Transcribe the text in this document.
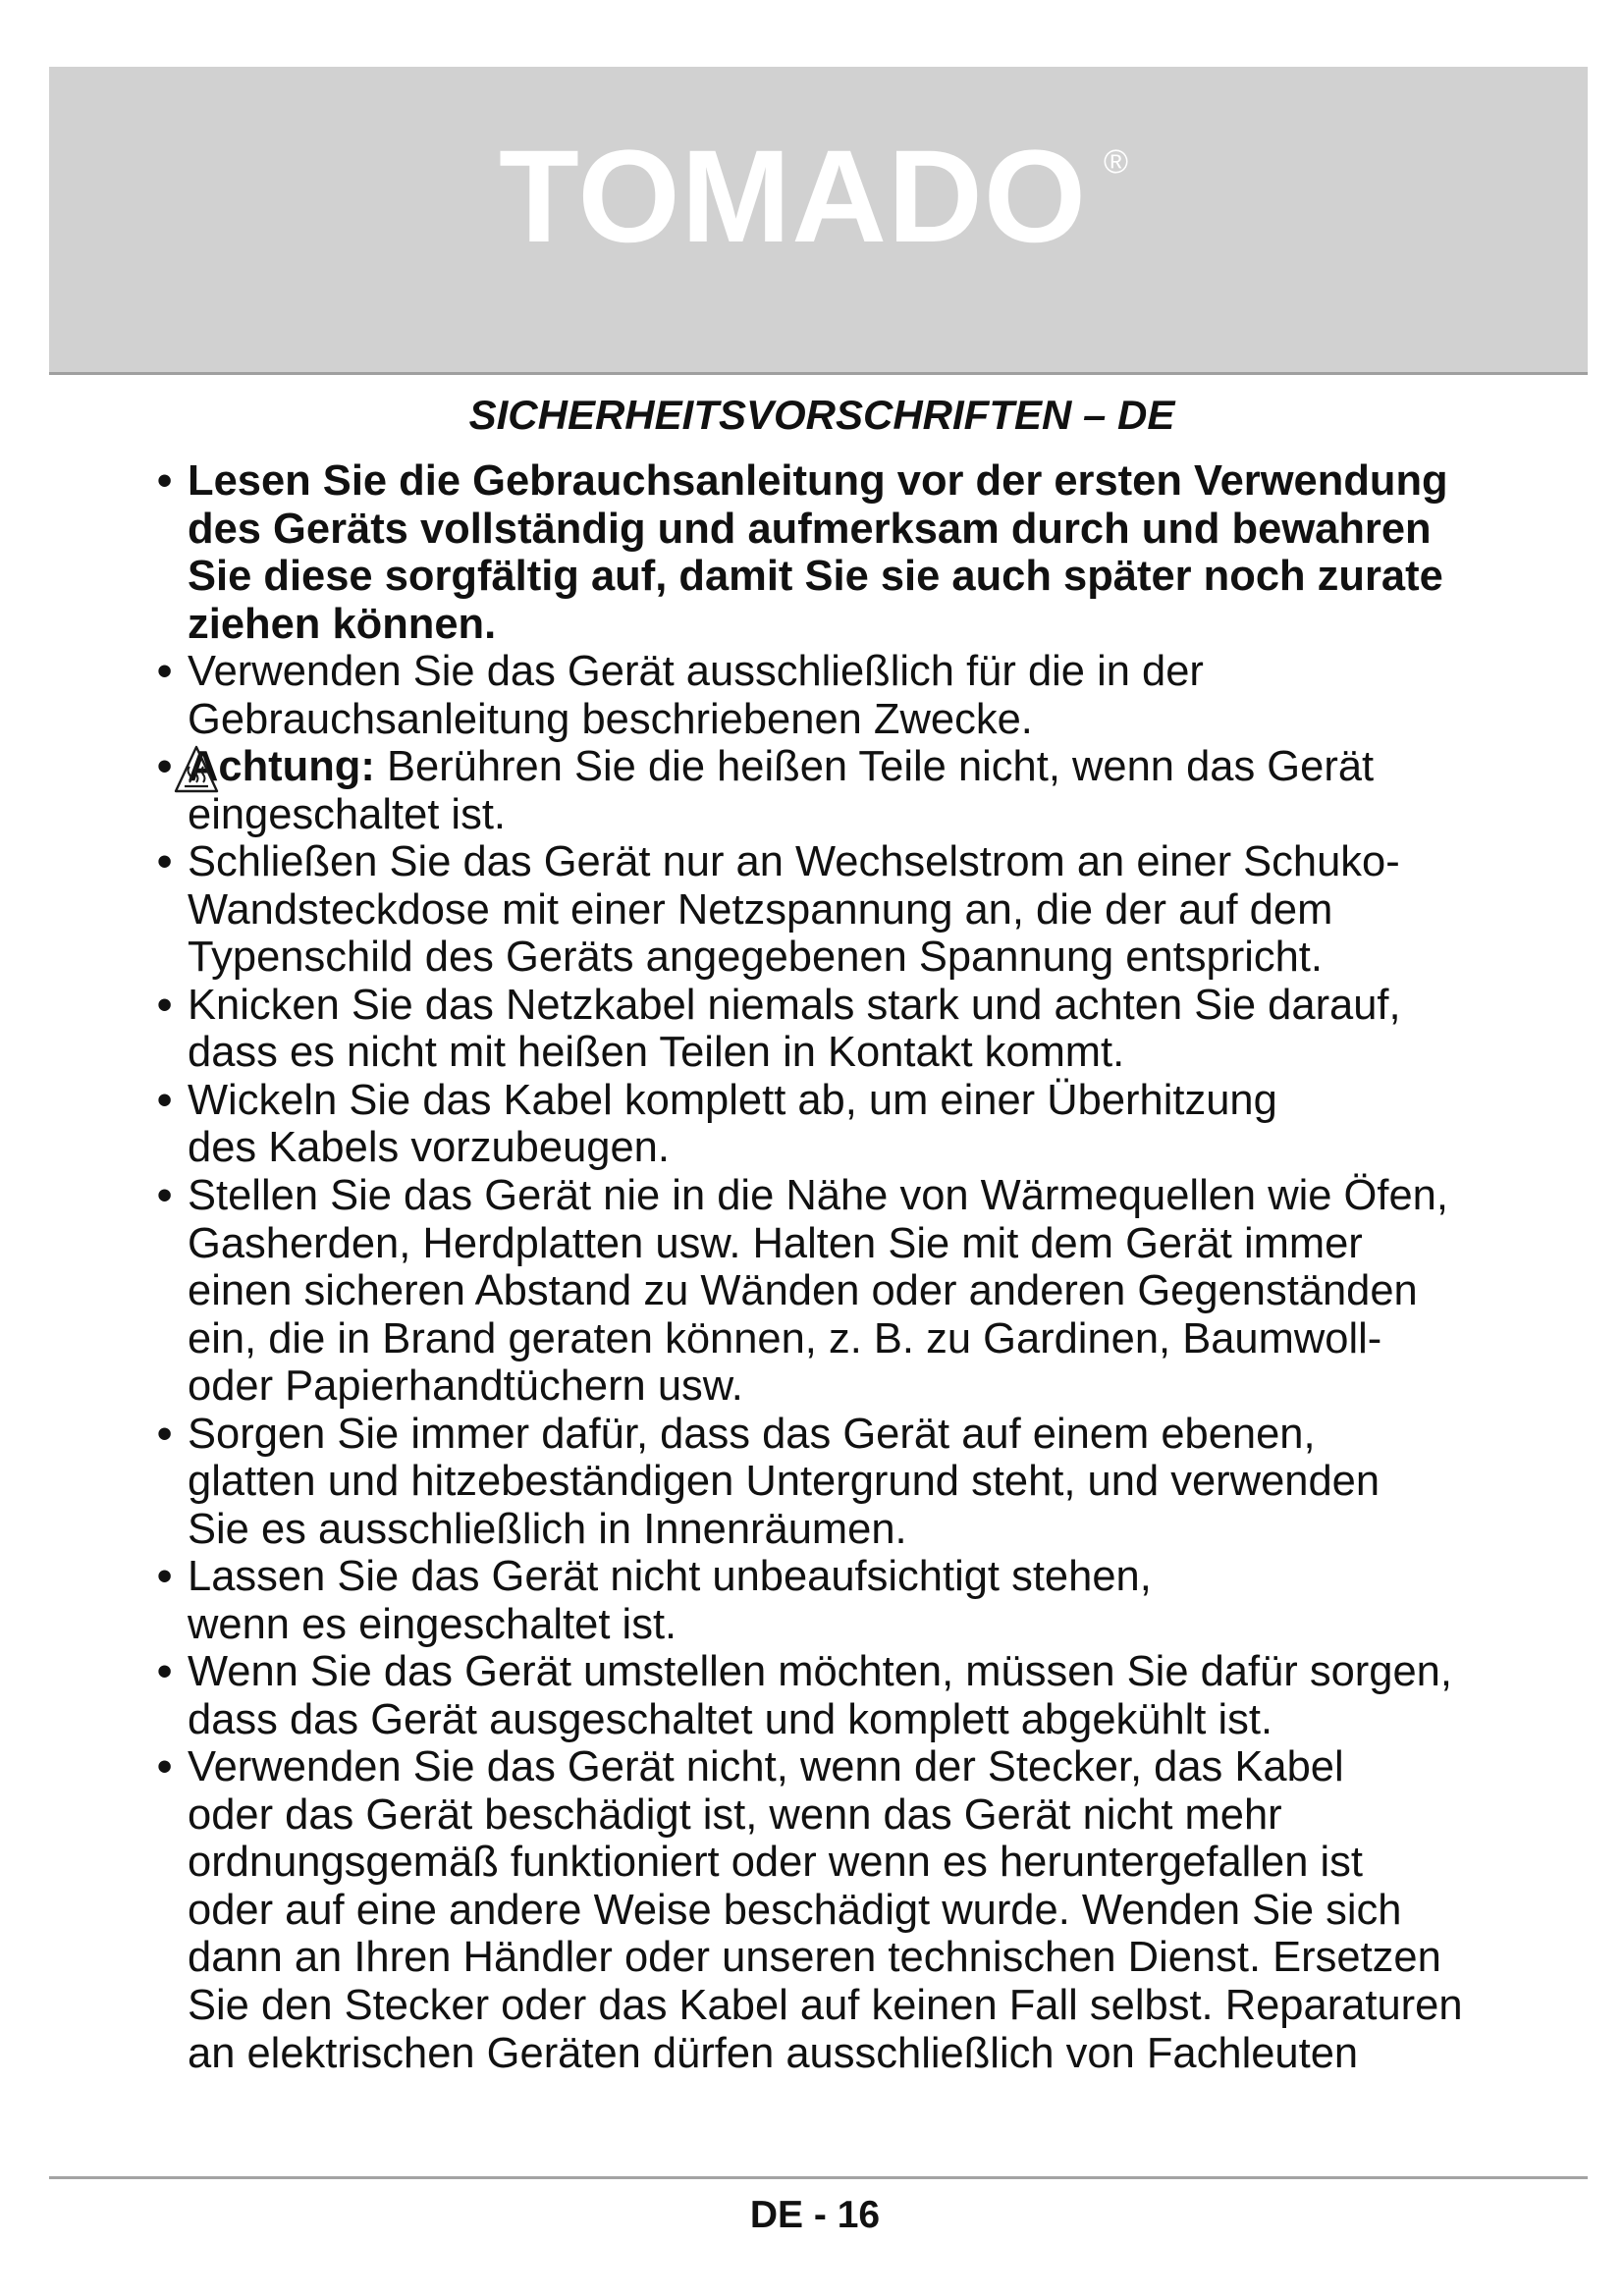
TOMADO ®
SICHERHEITSVORSCHRIFTEN – DE
• Lesen Sie die Gebrauchsanleitung vor der ersten Verwendung
des Geräts vollständig und aufmerksam durch und bewahren
Sie diese sorgfältig auf, damit Sie sie auch später noch zurate
ziehen können.
• Verwenden Sie das Gerät ausschließlich für die in der
Gebrauchsanleitung beschriebenen Zwecke.
• Achtung: Berühren Sie die heißen Teile nicht, wenn das Gerät
eingeschaltet ist.
• Schließen Sie das Gerät nur an Wechselstrom an einer Schuko-
Wandsteckdose mit einer Netzspannung an, die der auf dem
Typenschild des Geräts angegebenen Spannung entspricht.
• Knicken Sie das Netzkabel niemals stark und achten Sie darauf,
dass es nicht mit heißen Teilen in Kontakt kommt.
• Wickeln Sie das Kabel komplett ab, um einer Überhitzung
des Kabels vorzubeugen.
• Stellen Sie das Gerät nie in die Nähe von Wärmequellen wie Öfen,
Gasherden, Herdplatten usw. Halten Sie mit dem Gerät immer
einen sicheren Abstand zu Wänden oder anderen Gegenständen
ein, die in Brand geraten können, z. B. zu Gardinen, Baumwoll-
oder Papierhandtüchern usw.
• Sorgen Sie immer dafür, dass das Gerät auf einem ebenen,
glatten und hitzebeständigen Untergrund steht, und verwenden
Sie es ausschließlich in Innenräumen.
• Lassen Sie das Gerät nicht unbeaufsichtigt stehen,
wenn es eingeschaltet ist.
• Wenn Sie das Gerät umstellen möchten, müssen Sie dafür sorgen,
dass das Gerät ausgeschaltet und komplett abgekühlt ist.
• Verwenden Sie das Gerät nicht, wenn der Stecker, das Kabel
oder das Gerät beschädigt ist, wenn das Gerät nicht mehr
ordnungsgemäß funktioniert oder wenn es heruntergefallen ist
oder auf eine andere Weise beschädigt wurde. Wenden Sie sich
dann an Ihren Händler oder unseren technischen Dienst. Ersetzen
Sie den Stecker oder das Kabel auf keinen Fall selbst. Reparaturen
an elektrischen Geräten dürfen ausschließlich von Fachleuten
DE - 16
